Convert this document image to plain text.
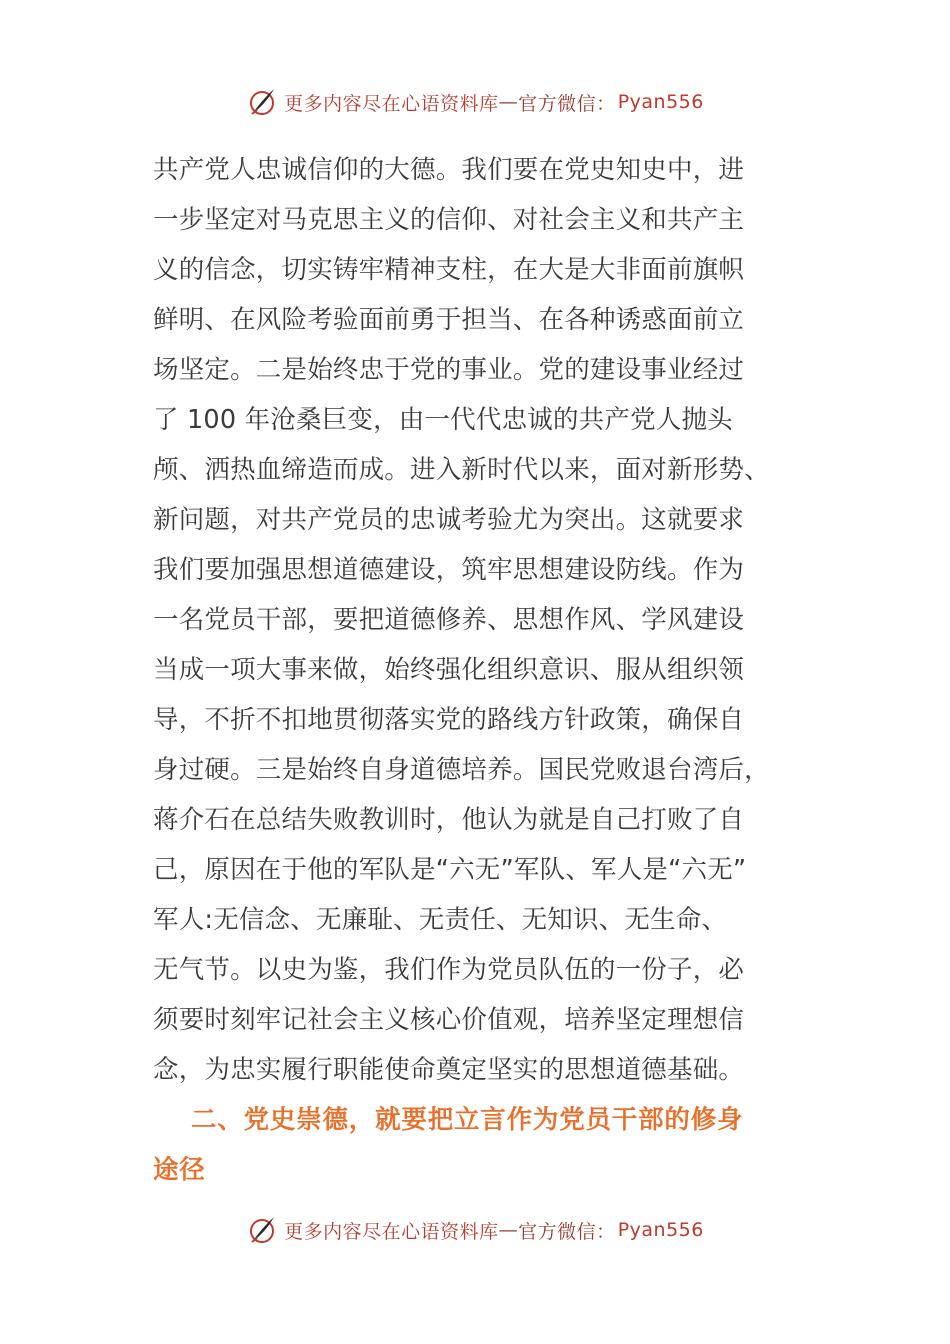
更多内容尽在心语资料库 — 官方微信： Pyan556
共产党人忠诚信仰的大德。我们要在党史知史中，进
一步坚定对马克思主义的信仰、对社会主义和共产主
义的信念，切实铸牢精神支柱，在大是大非面前旗帜
鲜明、在风险考验面前勇于担当、在各种诱惑面前立
场坚定。二是始终忠于党的事业。党的建设事业经过
了 100 年沧桑巨变，由一代代忠诚的共产党人抛头
颅、洒热血缔造而成。进入新时代以来，面对新形势、
新问题，对共产党员的忠诚考验尤为突出。这就要求
我们要加强思想道德建设，筑牢思想建设防线。作为
一名党员干部，要把道德修养、思想作风、学风建设
当成一项大事来做，始终强化组织意识、服从组织领
导，不折不扣地贯彻落实党的路线方针政策，确保自
身过硬。三是始终自身道德培养。国民党败退台湾后，
蒋介石在总结失败教训时，他认为就是自己打败了自
己，原因在于他的军队是“六无”军队、军人是“六无”
军人:无信念、无廉耻、无责任、无知识、无生命、
无气节。以史为鉴，我们作为党员队伍的一份子，必
须要时刻牢记社会主义核心价值观，培养坚定理想信
念，为忠实履行职能使命奠定坚实的思想道德基础。
二、党史崇德，就要把立言作为党员干部的修身
途径
更多内容尽在心语资料库 — 官方微信： Pyan556
